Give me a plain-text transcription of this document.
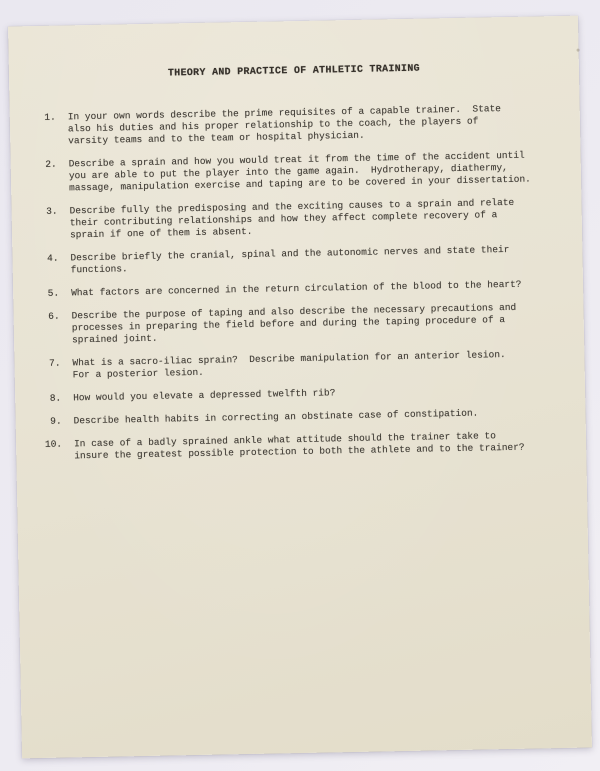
THEORY AND PRACTICE OF ATHLETIC TRAINING
1. In your own words describe the prime requisites of a capable trainer.  State
also his duties and his proper relationship to the coach, the players of
varsity teams and to the team or hospital physician.
2. Describe a sprain and how you would treat it from the time of the accident until
you are able to put the player into the game again.  Hydrotherapy, diathermy,
massage, manipulation exercise and taping are to be covered in your dissertation.
3. Describe fully the predisposing and the exciting causes to a sprain and relate
their contributing relationships and how they affect complete recovery of a
sprain if one of them is absent.
4. Describe briefly the cranial, spinal and the autonomic nerves and state their
functions.
5. What factors are concerned in the return circulation of the blood to the heart?
6. Describe the purpose of taping and also describe the necessary precautions and
processes in preparing the field before and during the taping procedure of a
sprained joint.
7. What is a sacro-iliac sprain?  Describe manipulation for an anterior lesion.
For a posterior lesion.
8. How would you elevate a depressed twelfth rib?
9. Describe health habits in correcting an obstinate case of constipation.
10. In case of a badly sprained ankle what attitude should the trainer take to
insure the greatest possible protection to both the athlete and to the trainer?
